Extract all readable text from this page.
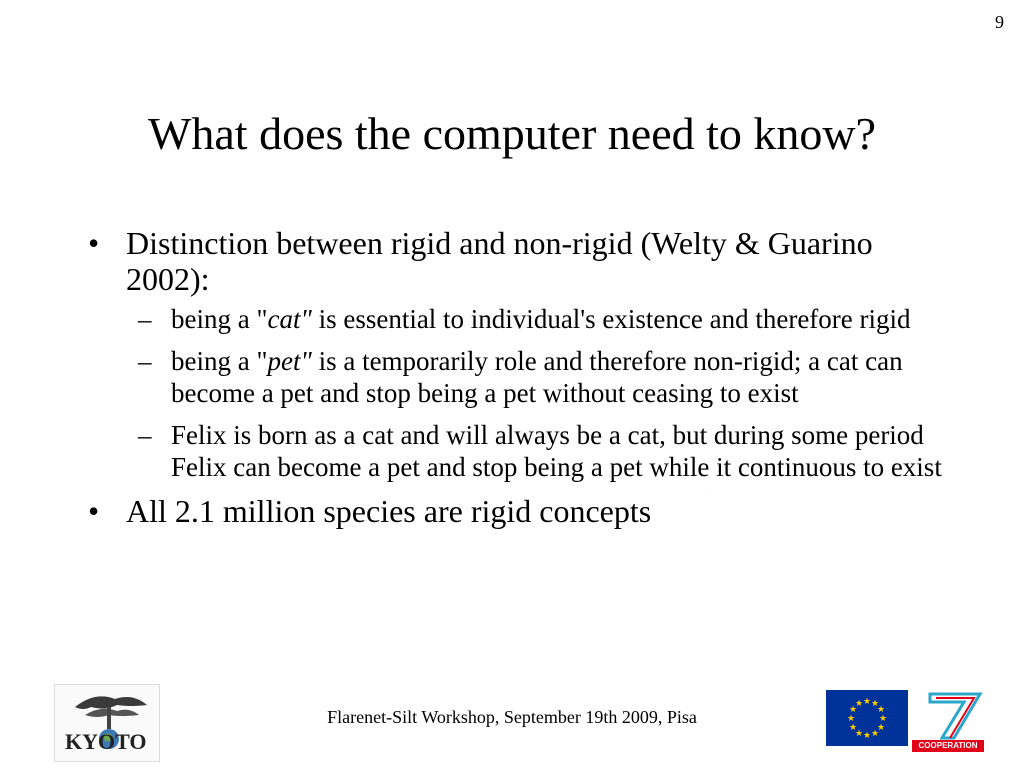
9
What does the computer need to know?
• Distinction between rigid and non-rigid (Welty & Guarino 2002):
– being a "cat" is essential to individual's existence and therefore rigid
– being a "pet" is a temporarily role and therefore non-rigid; a cat can become a pet and stop being a pet without ceasing to exist
– Felix is born as a cat and will always be a cat, but during some period Felix can become a pet and stop being a pet while it continuous to exist
• All 2.1 million species are rigid concepts
KYOTO
Flarenet-Silt Workshop, September 19th 2009, Pisa
★ ★
★
★
★
★
★
★
★
★
★
★
7
COOPERATION
